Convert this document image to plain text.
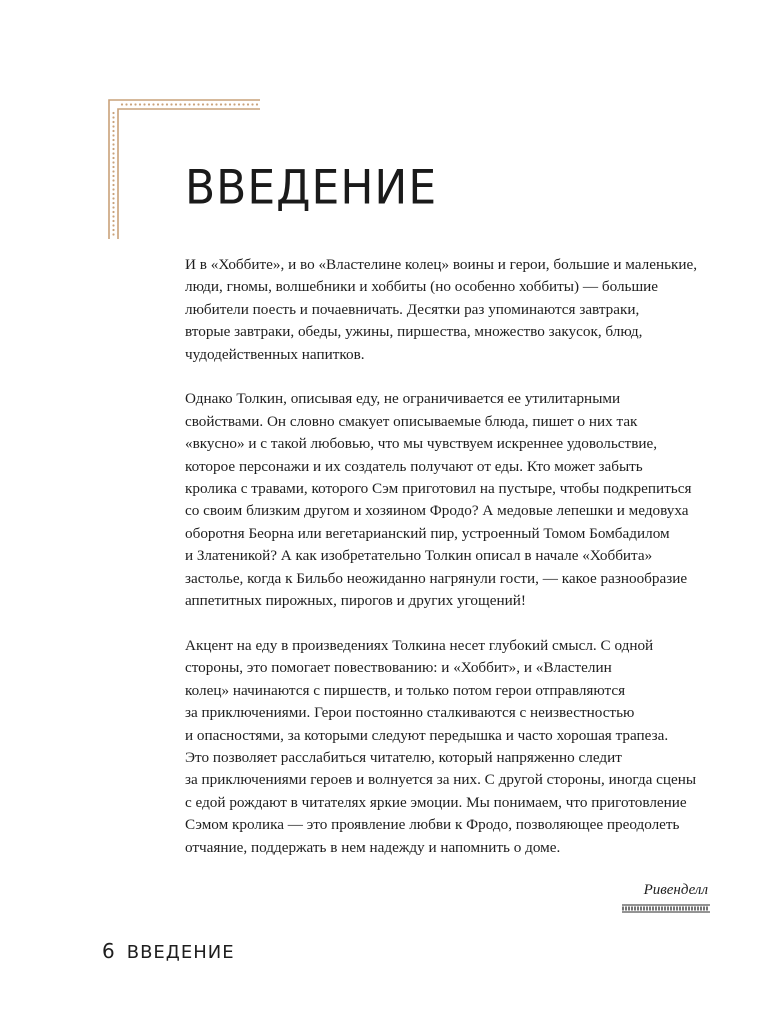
ВВЕДЕНИЕ

И в «Хоббите», и во «Властелине колец» воины и герои, большие и маленькие,
люди, гномы, волшебники и хоббиты (но особенно хоббиты) — большие
любители поесть и почаевничать. Десятки раз упоминаются завтраки,
вторые завтраки, обеды, ужины, пиршества, множество закусок, блюд,
чудодейственных напитков.

Однако Толкин, описывая еду, не ограничивается ее утилитарными
свойствами. Он словно смакует описываемые блюда, пишет о них так
«вкусно» и с такой любовью, что мы чувствуем искреннее удовольствие,
которое персонажи и их создатель получают от еды. Кто может забыть
кролика с травами, которого Сэм приготовил на пустыре, чтобы подкрепиться
со своим близким другом и хозяином Фродо? А медовые лепешки и медовуха
оборотня Беорна или вегетарианский пир, устроенный Томом Бомбадилом
и Златеникой? А как изобретательно Толкин описал в начале «Хоббита»
застолье, когда к Бильбо неожиданно нагрянули гости, — какое разнообразие
аппетитных пирожных, пирогов и других угощений!

Акцент на еду в произведениях Толкина несет глубокий смысл. С одной
стороны, это помогает повествованию: и «Хоббит», и «Властелин
колец» начинаются с пиршеств, и только потом герои отправляются
за приключениями. Герои постоянно сталкиваются с неизвестностью
и опасностями, за которыми следуют передышка и часто хорошая трапеза.
Это позволяет расслабиться читателю, который напряженно следит
за приключениями героев и волнуется за них. С другой стороны, иногда сцены
с едой рождают в читателях яркие эмоции. Мы понимаем, что приготовление
Сэмом кролика — это проявление любви к Фродо, позволяющее преодолеть
отчаяние, поддержать в нем надежду и напомнить о доме.

Ривенделл
6 ВВЕДЕНИЕ
